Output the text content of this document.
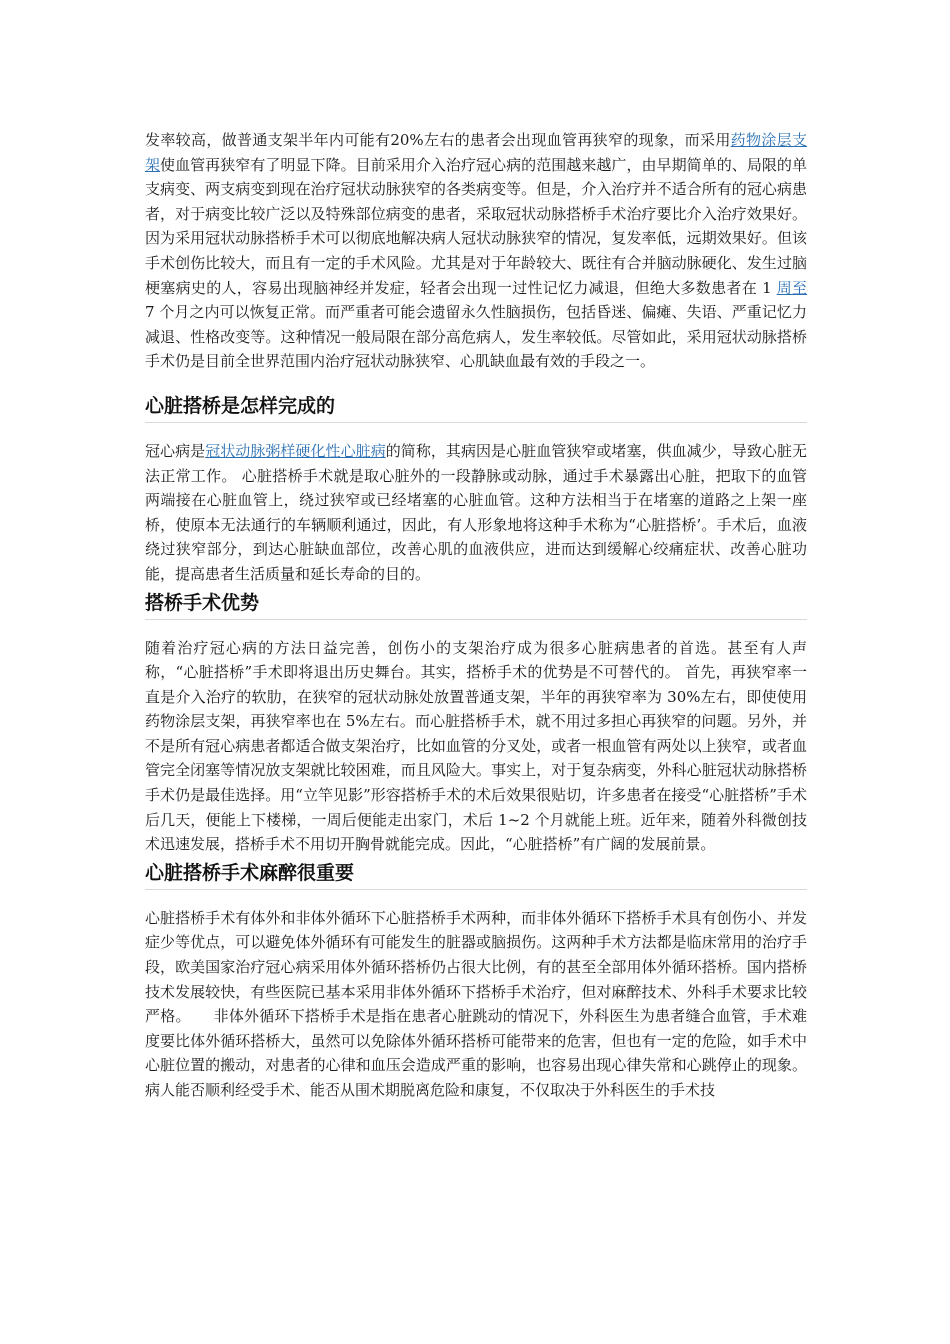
发率较高，做普通支架半年内可能有20%左右的患者会出现血管再狭窄的现象，而采用药物涂层支架使血管再狭窄有了明显下降。目前采用介入治疗冠心病的范围越来越广，由早期简单的、局限的单支病变、两支病变到现在治疗冠状动脉狭窄的各类病变等。但是，介入治疗并不适合所有的冠心病患者，对于病变比较广泛以及特殊部位病变的患者，采取冠状动脉搭桥手术治疗要比介入治疗效果好。因为采用冠状动脉搭桥手术可以彻底地解决病人冠状动脉狭窄的情况，复发率低，远期效果好。但该手术创伤比较大，而且有一定的手术风险。尤其是对于年龄较大、既往有合并脑动脉硬化、发生过脑梗塞病史的人，容易出现脑神经并发症，轻者会出现一过性记忆力减退，但绝大多数患者在 1 周至 7 个月之内可以恢复正常。而严重者可能会遗留永久性脑损伤，包括昏迷、偏瘫、失语、严重记忆力减退、性格改变等。这种情况一般局限在部分高危病人，发生率较低。尽管如此，采用冠状动脉搭桥手术仍是目前全世界范围内治疗冠状动脉狭窄、心肌缺血最有效的手段之一。

心脏搭桥是怎样完成的

冠心病是冠状动脉粥样硬化性心脏病的简称，其病因是心脏血管狭窄或堵塞，供血减少，导致心脏无法正常工作。 心脏搭桥手术就是取心脏外的一段静脉或动脉，通过手术暴露出心脏，把取下的血管两端接在心脏血管上，绕过狭窄或已经堵塞的心脏血管。这种方法相当于在堵塞的道路之上架一座桥，使原本无法通行的车辆顺利通过，因此，有人形象地将这种手术称为“心脏搭桥’。手术后，血液绕过狭窄部分，到达心脏缺血部位，改善心肌的血液供应，进而达到缓解心绞痛症状、改善心脏功能，提高患者生活质量和延长寿命的目的。

搭桥手术优势

随着治疗冠心病的方法日益完善，创伤小的支架治疗成为很多心脏病患者的首选。甚至有人声称，“心脏搭桥”手术即将退出历史舞台。其实，搭桥手术的优势是不可替代的。 首先，再狭窄率一直是介入治疗的软肋，在狭窄的冠状动脉处放置普通支架，半年的再狭窄率为 30%左右，即使使用药物涂层支架，再狭窄率也在 5%左右。而心脏搭桥手术，就不用过多担心再狭窄的问题。另外，并不是所有冠心病患者都适合做支架治疗，比如血管的分叉处，或者一根血管有两处以上狭窄，或者血管完全闭塞等情况放支架就比较困难，而且风险大。事实上，对于复杂病变，外科心脏冠状动脉搭桥手术仍是最佳选择。用“立竿见影”形容搭桥手术的术后效果很贴切，许多患者在接受“心脏搭桥”手术后几天，便能上下楼梯，一周后便能走出家门，术后 1~2 个月就能上班。近年来，随着外科微创技术迅速发展，搭桥手术不用切开胸骨就能完成。因此，“心脏搭桥”有广阔的发展前景。

心脏搭桥手术麻醉很重要

心脏搭桥手术有体外和非体外循环下心脏搭桥手术两种，而非体外循环下搭桥手术具有创伤小、并发症少等优点，可以避免体外循环有可能发生的脏器或脑损伤。这两种手术方法都是临床常用的治疗手段，欧美国家治疗冠心病采用体外循环搭桥仍占很大比例，有的甚至全部用体外循环搭桥。国内搭桥技术发展较快，有些医院已基本采用非体外循环下搭桥手术治疗，但对麻醉技术、外科手术要求比较严格。　　非体外循环下搭桥手术是指在患者心脏跳动的情况下，外科医生为患者缝合血管，手术难度要比体外循环搭桥大，虽然可以免除体外循环搭桥可能带来的危害，但也有一定的危险，如手术中心脏位置的搬动，对患者的心律和血压会造成严重的影响，也容易出现心律失常和心跳停止的现象。病人能否顺利经受手术、能否从围术期脱离危险和康复，不仅取决于外科医生的手术技
